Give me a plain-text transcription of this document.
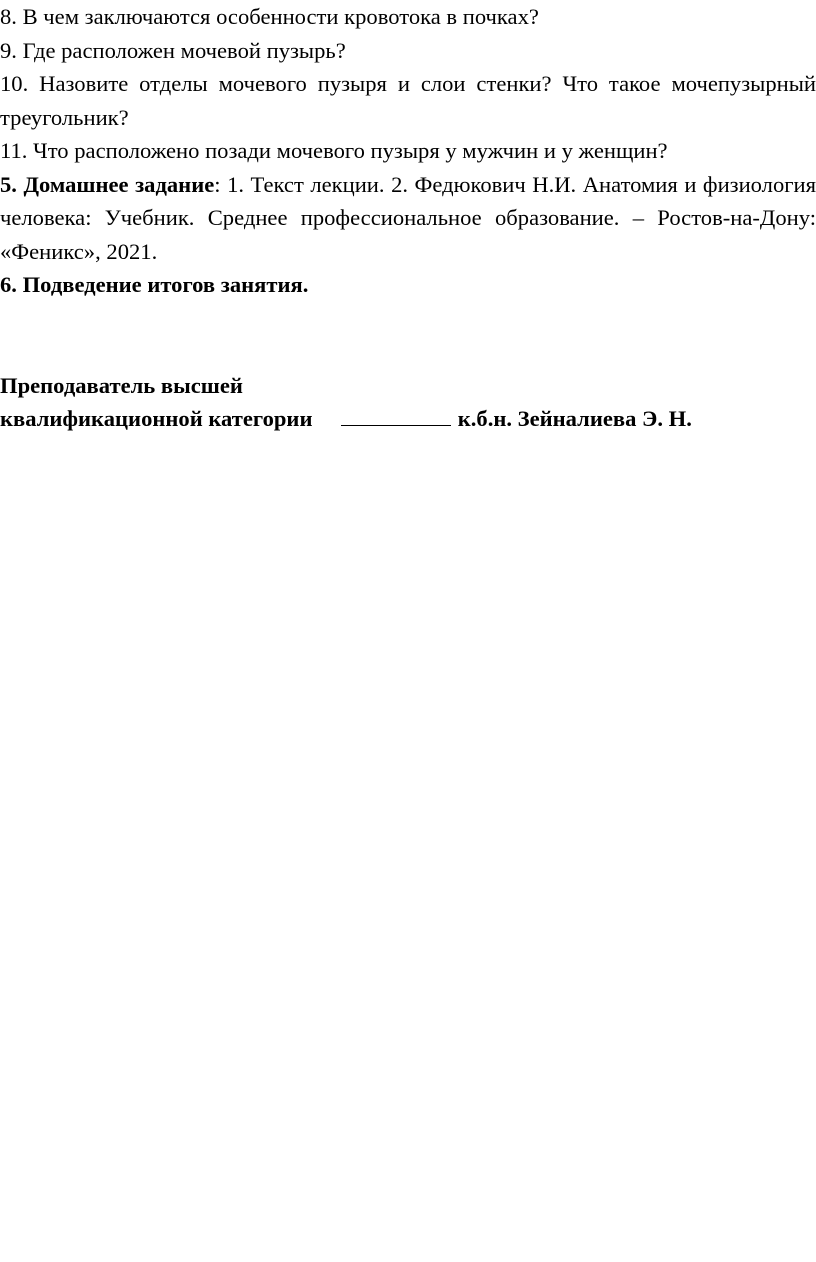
8. В чем заключаются особенности кровотока в почках?

9. Где расположен мочевой пузырь?

10. Назовите отделы мочевого пузыря и слои стенки? Что такое мочепузырный треугольник?

11. Что расположено позади мочевого пузыря у мужчин и у женщин?

5. Домашнее задание: 1. Текст лекции. 2. Федюкович Н.И. Анатомия и физиология человека: Учебник. Среднее профессиональное образование. – Ростов-на-Дону: «Феникс», 2021.

6. Подведение итогов занятия.

Преподаватель высшей

квалификационной категории	к.б.н. Зейналиева Э. Н.
